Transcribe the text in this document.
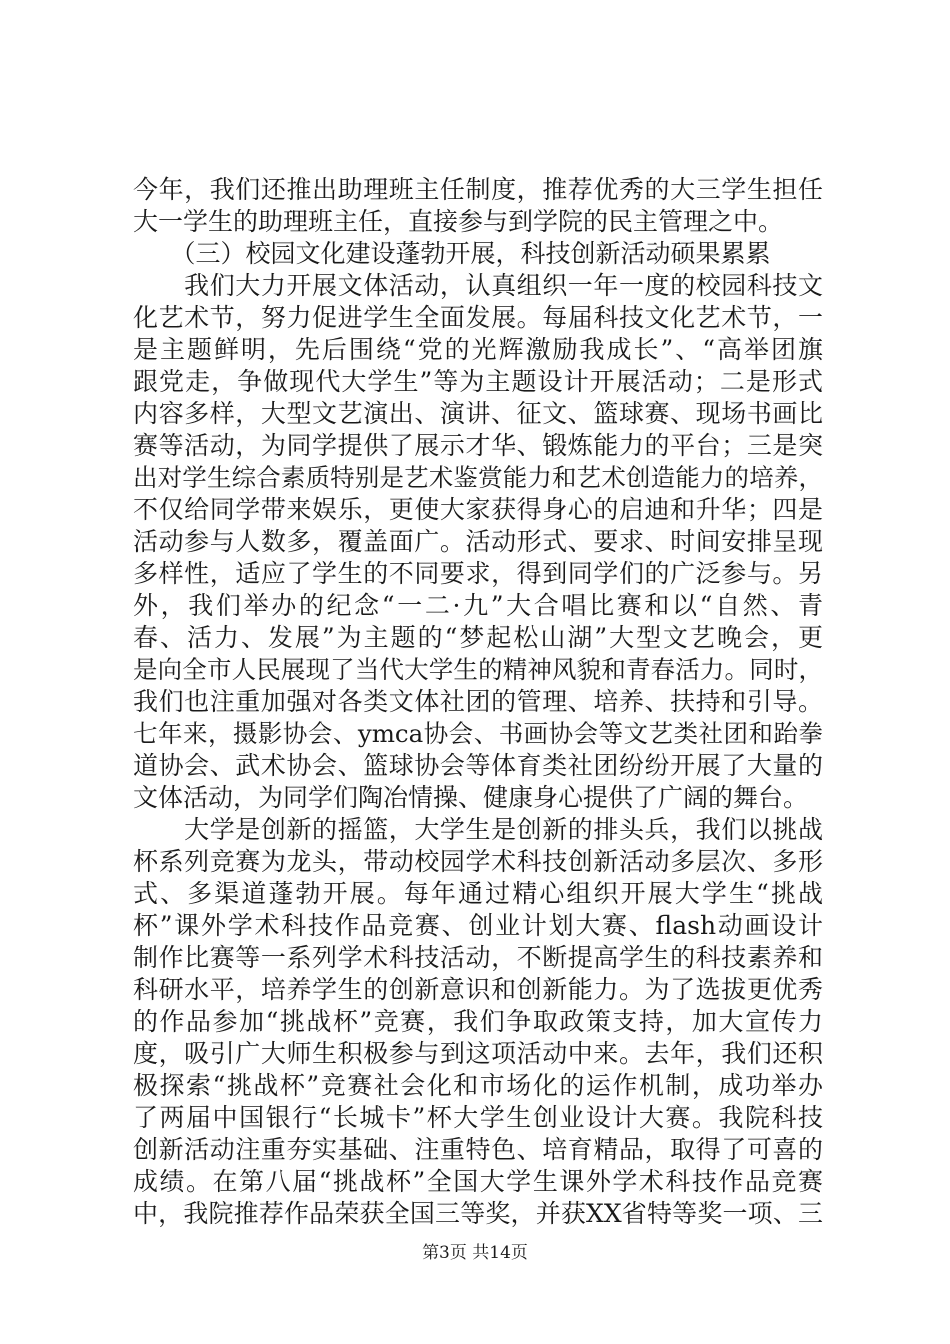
今年，我们还推出助理班主任制度，推荐优秀的大三学生担任
大一学生的助理班主任，直接参与到学院的民主管理之中。
　　（三）校园文化建设蓬勃开展，科技创新活动硕果累累
　　我们大力开展文体活动，认真组织一年一度的校园科技文
化艺术节，努力促进学生全面发展。每届科技文化艺术节，一
是主题鲜明，先后围绕“党的光辉激励我成长”、“高举团旗
跟党走，争做现代大学生”等为主题设计开展活动；二是形式
内容多样，大型文艺演出、演讲、征文、篮球赛、现场书画比
赛等活动，为同学提供了展示才华、锻炼能力的平台；三是突
出对学生综合素质特别是艺术鉴赏能力和艺术创造能力的培养，
不仅给同学带来娱乐，更使大家获得身心的启迪和升华；四是
活动参与人数多，覆盖面广。活动形式、要求、时间安排呈现
多样性，适应了学生的不同要求，得到同学们的广泛参与。另
外，我们举办的纪念“一二·九”大合唱比赛和以“自然、青
春、活力、发展”为主题的“梦起松山湖”大型文艺晚会，更
是向全市人民展现了当代大学生的精神风貌和青春活力。同时，
我们也注重加强对各类文体社团的管理、培养、扶持和引导。
七年来，摄影协会、ymca协会、书画协会等文艺类社团和跆拳
道协会、武术协会、篮球协会等体育类社团纷纷开展了大量的
文体活动，为同学们陶冶情操、健康身心提供了广阔的舞台。
　　大学是创新的摇篮，大学生是创新的排头兵，我们以挑战
杯系列竞赛为龙头，带动校园学术科技创新活动多层次、多形
式、多渠道蓬勃开展。每年通过精心组织开展大学生“挑战
杯”课外学术科技作品竞赛、创业计划大赛、flash动画设计
制作比赛等一系列学术科技活动，不断提高学生的科技素养和
科研水平，培养学生的创新意识和创新能力。为了选拔更优秀
的作品参加“挑战杯”竞赛，我们争取政策支持，加大宣传力
度，吸引广大师生积极参与到这项活动中来。去年，我们还积
极探索“挑战杯”竞赛社会化和市场化的运作机制，成功举办
了两届中国银行“长城卡”杯大学生创业设计大赛。我院科技
创新活动注重夯实基础、注重特色、培育精品，取得了可喜的
成绩。在第八届“挑战杯”全国大学生课外学术科技作品竞赛
中，我院推荐作品荣获全国三等奖，并获XX省特等奖一项、三
第3页 共14页
